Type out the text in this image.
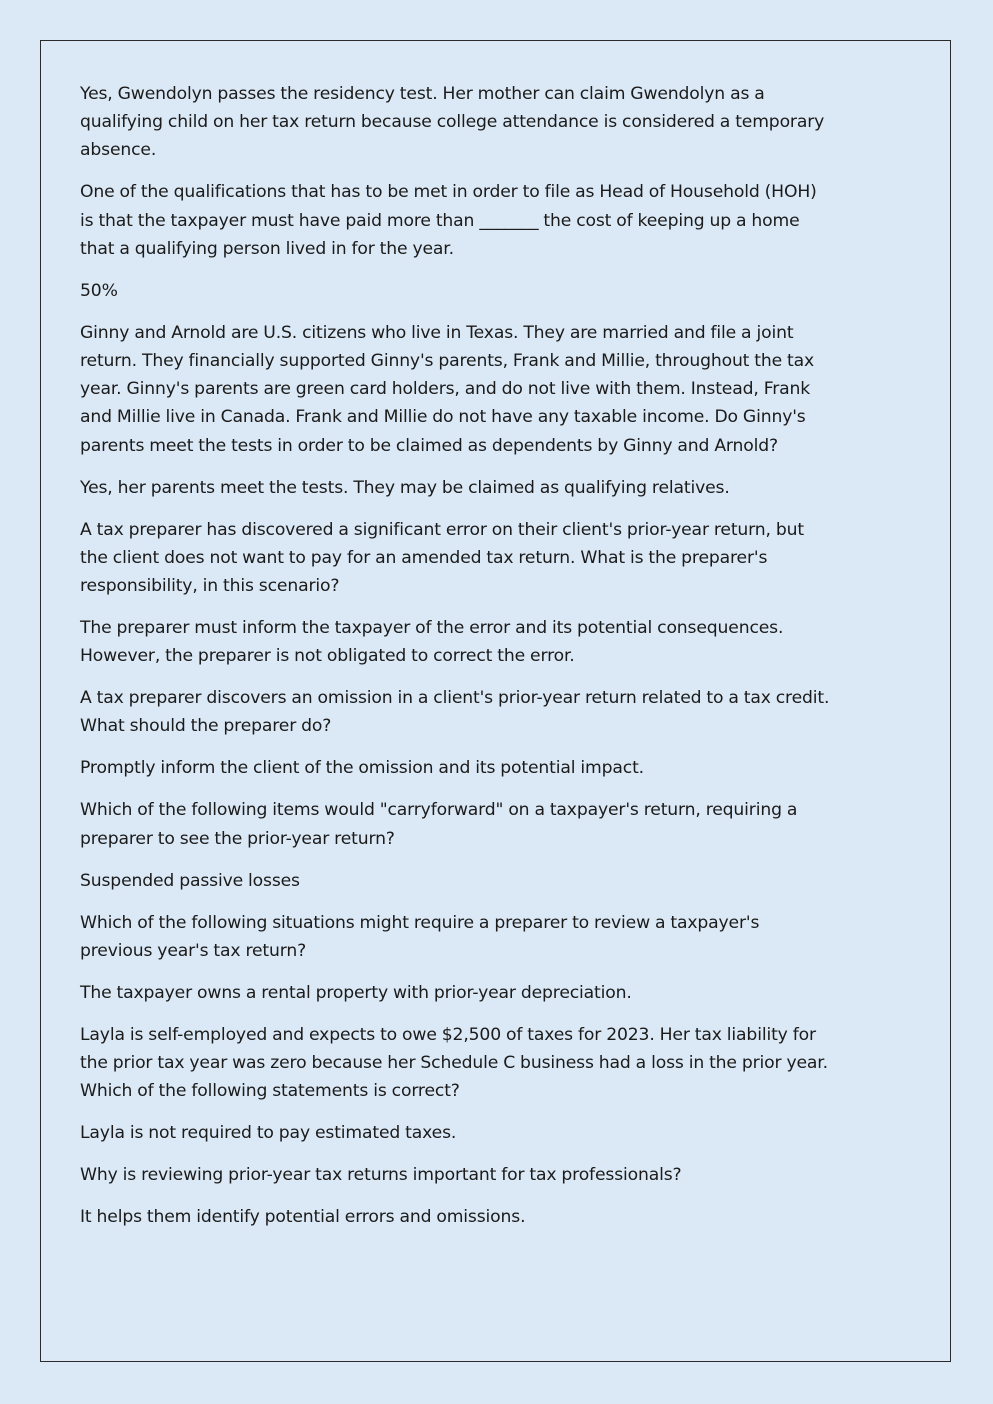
Yes, Gwendolyn passes the residency test. Her mother can claim Gwendolyn as a qualifying child on her tax return because college attendance is considered a temporary absence.

One of the qualifications that has to be met in order to file as Head of Household (HOH) is that the taxpayer must have paid more than _______ the cost of keeping up a home that a qualifying person lived in for the year.

50%

Ginny and Arnold are U.S. citizens who live in Texas. They are married and file a joint return. They financially supported Ginny's parents, Frank and Millie, throughout the tax year. Ginny's parents are green card holders, and do not live with them. Instead, Frank and Millie live in Canada. Frank and Millie do not have any taxable income. Do Ginny's parents meet the tests in order to be claimed as dependents by Ginny and Arnold?

Yes, her parents meet the tests. They may be claimed as qualifying relatives.

A tax preparer has discovered a significant error on their client's prior-year return, but the client does not want to pay for an amended tax return. What is the preparer's responsibility, in this scenario?

The preparer must inform the taxpayer of the error and its potential consequences. However, the preparer is not obligated to correct the error.

A tax preparer discovers an omission in a client's prior-year return related to a tax credit. What should the preparer do?

Promptly inform the client of the omission and its potential impact.

Which of the following items would "carryforward" on a taxpayer's return, requiring a preparer to see the prior-year return?

Suspended passive losses

Which of the following situations might require a preparer to review a taxpayer's previous year's tax return?

The taxpayer owns a rental property with prior-year depreciation.

Layla is self-employed and expects to owe $2,500 of taxes for 2023. Her tax liability for the prior tax year was zero because her Schedule C business had a loss in the prior year. Which of the following statements is correct?

Layla is not required to pay estimated taxes.

Why is reviewing prior-year tax returns important for tax professionals?

It helps them identify potential errors and omissions.
